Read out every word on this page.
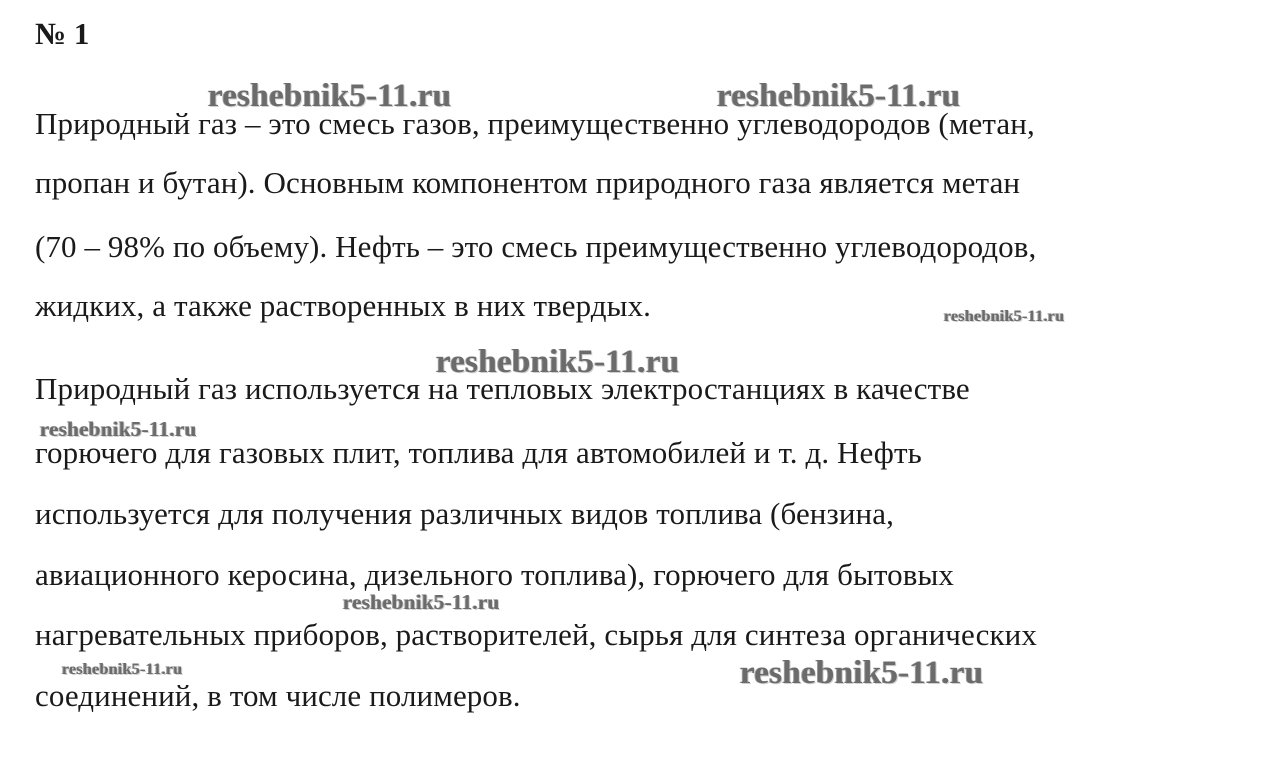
№ 1
Природный газ – это смесь газов, преимущественно углеводородов (метан,
пропан и бутан). Основным компонентом природного газа является метан
(70 – 98% по объему). Нефть – это смесь преимущественно углеводородов,
жидких, а также растворенных в них твердых.
Природный газ используется на тепловых электростанциях в качестве
горючего для газовых плит, топлива для автомобилей и т. д. Нефть
используется для получения различных видов топлива (бензина,
авиационного керосина, дизельного топлива), горючего для бытовых
нагревательных приборов, растворителей, сырья для синтеза органических
соединений, в том числе полимеров.
reshebnik5-11.ru	reshebnik5-11.ru
reshebnik5-11.ru
reshebnik5-11.ru
reshebnik5-11.ru
reshebnik5-11.ru
reshebnik5-11.ru	reshebnik5-11.ru
